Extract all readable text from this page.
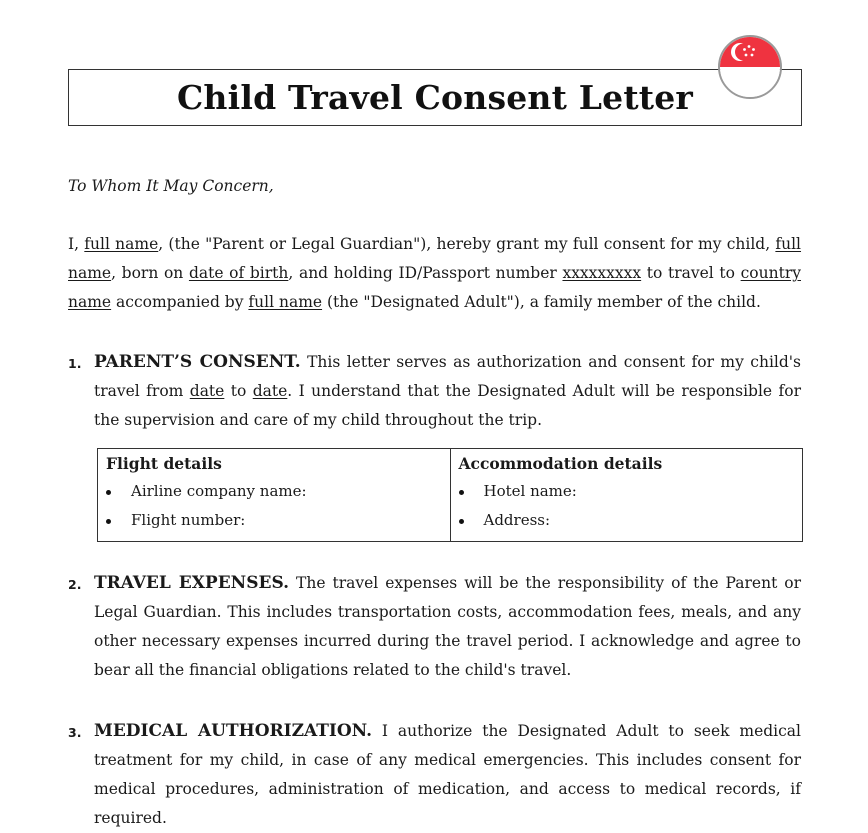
Child Travel Consent Letter
To Whom It May Concern,

I, full name, (the "Parent or Legal Guardian"), hereby grant my full consent for my child, full name, born on date of birth, and holding ID/Passport number xxxxxxxxx to travel to country name accompanied by full name (the "Designated Adult"), a family member of the child.

1. PARENT’S CONSENT. This letter serves as authorization and consent for my child's travel from date to date. I understand that the Designated Adult will be responsible for the supervision and care of my child throughout the trip.

Flight details
Airline company name:
Flight number:

Accommodation details
Hotel name:
Address:
2. TRAVEL EXPENSES. The travel expenses will be the responsibility of the Parent or Legal Guardian. This includes transportation costs, accommodation fees, meals, and any other necessary expenses incurred during the travel period. I acknowledge and agree to bear all the financial obligations related to the child's travel.

3. MEDICAL AUTHORIZATION. I authorize the Designated Adult to seek medical treatment for my child, in case of any medical emergencies. This includes consent for medical procedures, administration of medication, and access to medical records, if required.
